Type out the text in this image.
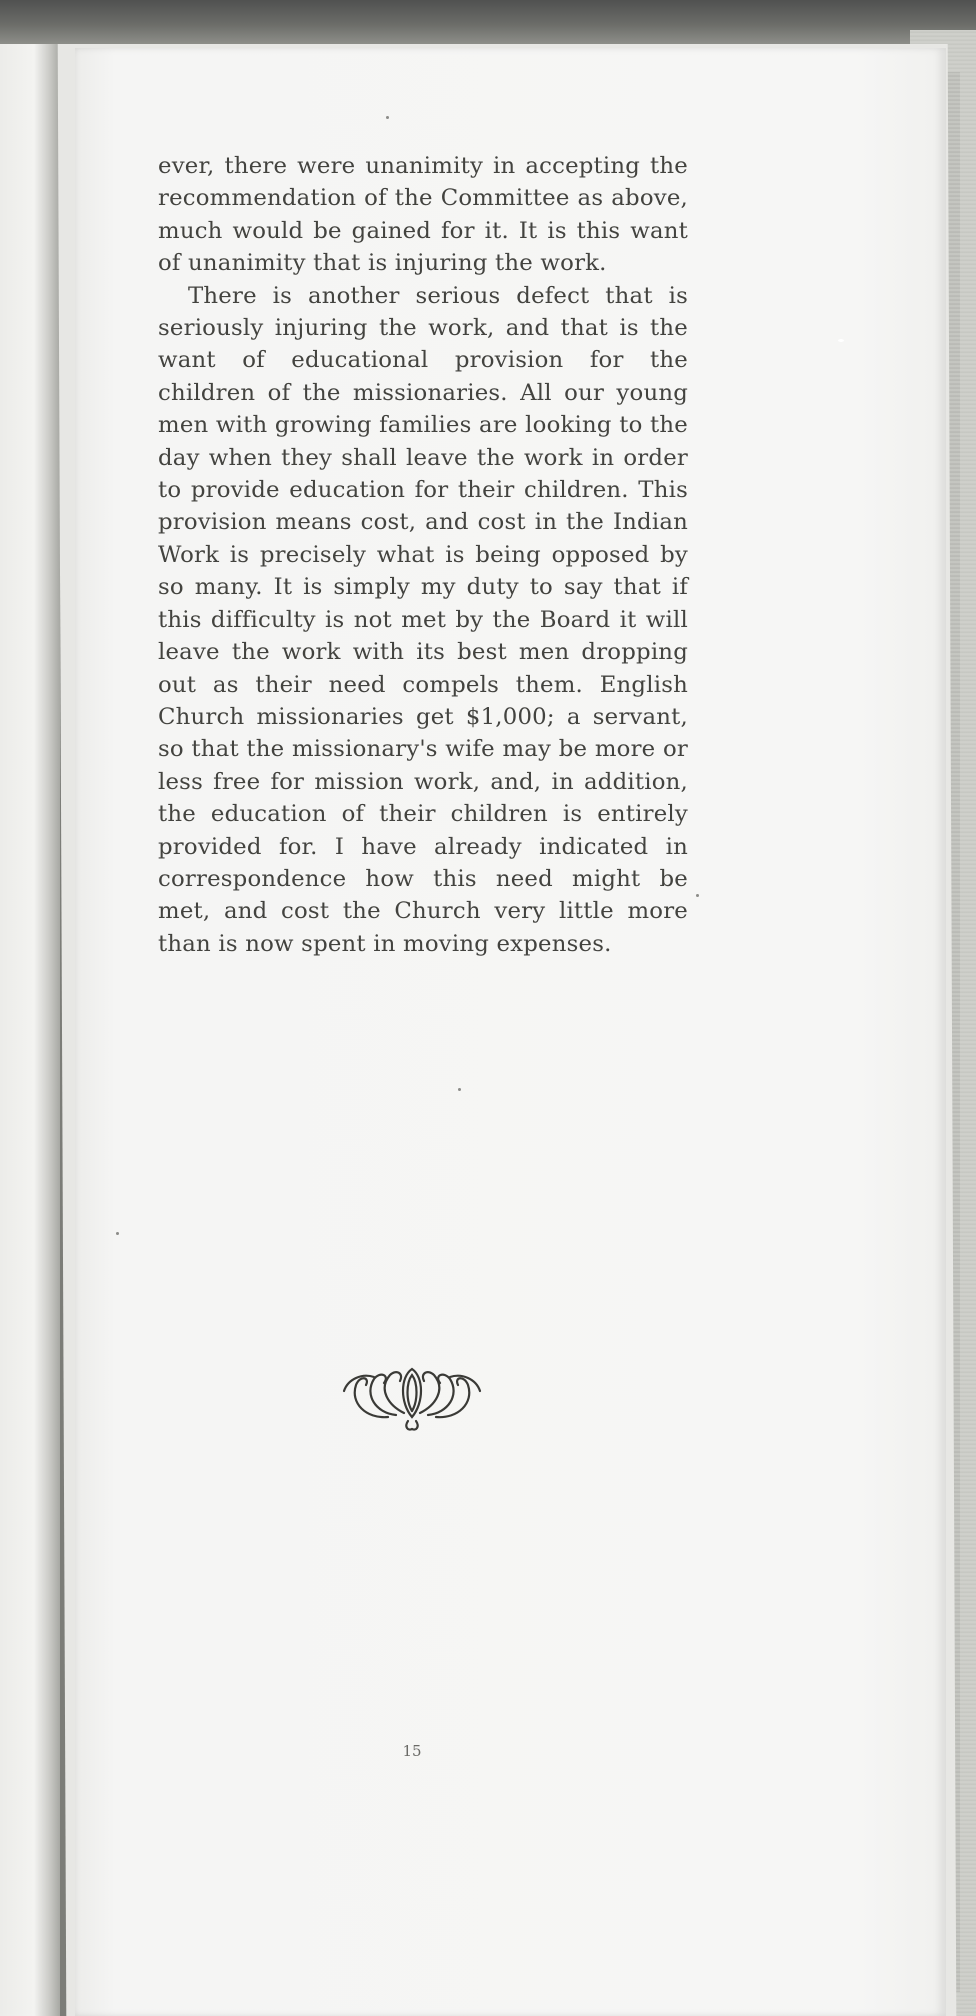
ever, there were unanimity in accepting the recommendation of the Committee as above, much would be gained for it. It is this want of unanimity that is injuring the work.

There is another serious defect that is seriously injuring the work, and that is the want of educational provision for the children of the missionaries. All our young men with growing families are looking to the day when they shall leave the work in order to provide education for their children. This provision means cost, and cost in the Indian Work is precisely what is being opposed by so many. It is simply my duty to say that if this difficulty is not met by the Board it will leave the work with its best men dropping out as their need compels them. English Church missionaries get $1,000; a servant, so that the missionary's wife may be more or less free for mission work, and, in addition, the education of their children is entirely provided for. I have already indicated in correspondence how this need might be met, and cost the Church very little more than is now spent in moving expenses.

15
